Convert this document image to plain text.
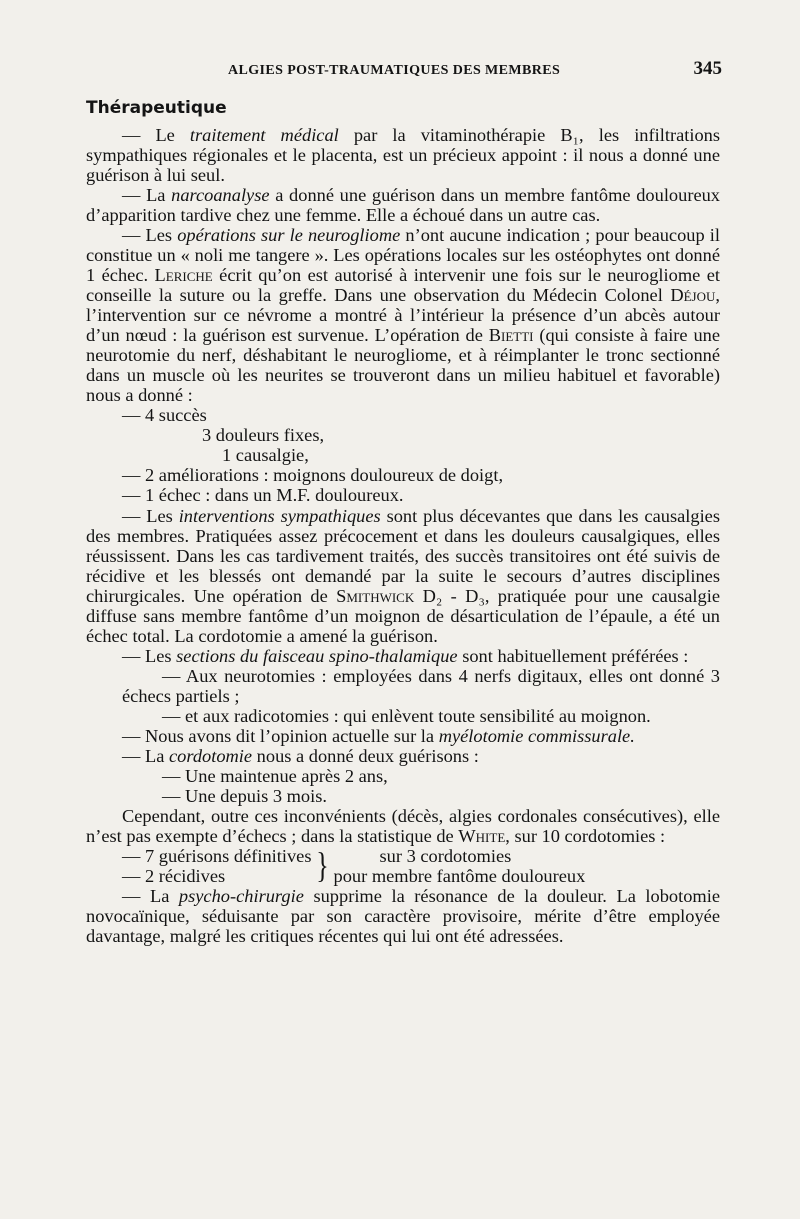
ALGIES POST-TRAUMATIQUES DES MEMBRES	345
Thérapeutique

— Le traitement médical par la vitaminothérapie B₁, les infiltrations sympathiques régionales et le placenta, est un précieux appoint : il nous a donné une guérison à lui seul.

— La narcoanalyse a donné une guérison dans un membre fantôme douloureux d’apparition tardive chez une femme. Elle a échoué dans un autre cas.

— Les opérations sur le neurogliome n’ont aucune indication ; pour beaucoup il constitue un « noli me tangere ». Les opérations locales sur les ostéophytes ont donné 1 échec. Leriche écrit qu’on est autorisé à intervenir une fois sur le neurogliome et conseille la suture ou la greffe. Dans une observation du Médecin Colonel Déjou, l’intervention sur ce névrome a montré à l’intérieur la présence d’un abcès autour d’un nœud : la guérison est survenue. L’opération de Bietti (qui consiste à faire une neurotomie du nerf, déshabitant le neurogliome, et à réimplanter le tronc sectionné dans un muscle où les neurites se trouveront dans un milieu habituel et favorable) nous a donné :

— 4 succès

3 douleurs fixes,

1 causalgie,

— 2 améliorations : moignons douloureux de doigt,

— 1 échec : dans un M.F. douloureux.

— Les interventions sympathiques sont plus décevantes que dans les causalgies des membres. Pratiquées assez précocement et dans les douleurs causalgiques, elles réussissent. Dans les cas tardivement traités, des succès transitoires ont été suivis de récidive et les blessés ont demandé par la suite le secours d’autres disciplines chirurgicales. Une opération de Smithwick D₂ - D₃, pratiquée pour une causalgie diffuse sans membre fantôme d’un moignon de désarticulation de l’épaule, a été un échec total. La cordotomie a amené la guérison.

— Les sections du faisceau spino-thalamique sont habituellement préférées :

— Aux neurotomies : employées dans 4 nerfs digitaux, elles ont donné 3 échecs partiels ;

— et aux radicotomies : qui enlèvent toute sensibilité au moignon.

— Nous avons dit l’opinion actuelle sur la myélotomie commissurale.

— La cordotomie nous a donné deux guérisons :

— Une maintenue après 2 ans,

— Une depuis 3 mois.

Cependant, outre ces inconvénients (décès, algies cordonales consécutives), elle n’est pas exempte d’échecs ; dans la statistique de White, sur 10 cordotomies :

— 7 guérisons définitives

— 2 récidives	}	sur 3 cordotomies

pour membre fantôme douloureux

— La psycho-chirurgie supprime la résonance de la douleur. La lobotomie novocaïnique, séduisante par son caractère provisoire, mérite d’être employée davantage, malgré les critiques récentes qui lui ont été adressées.
